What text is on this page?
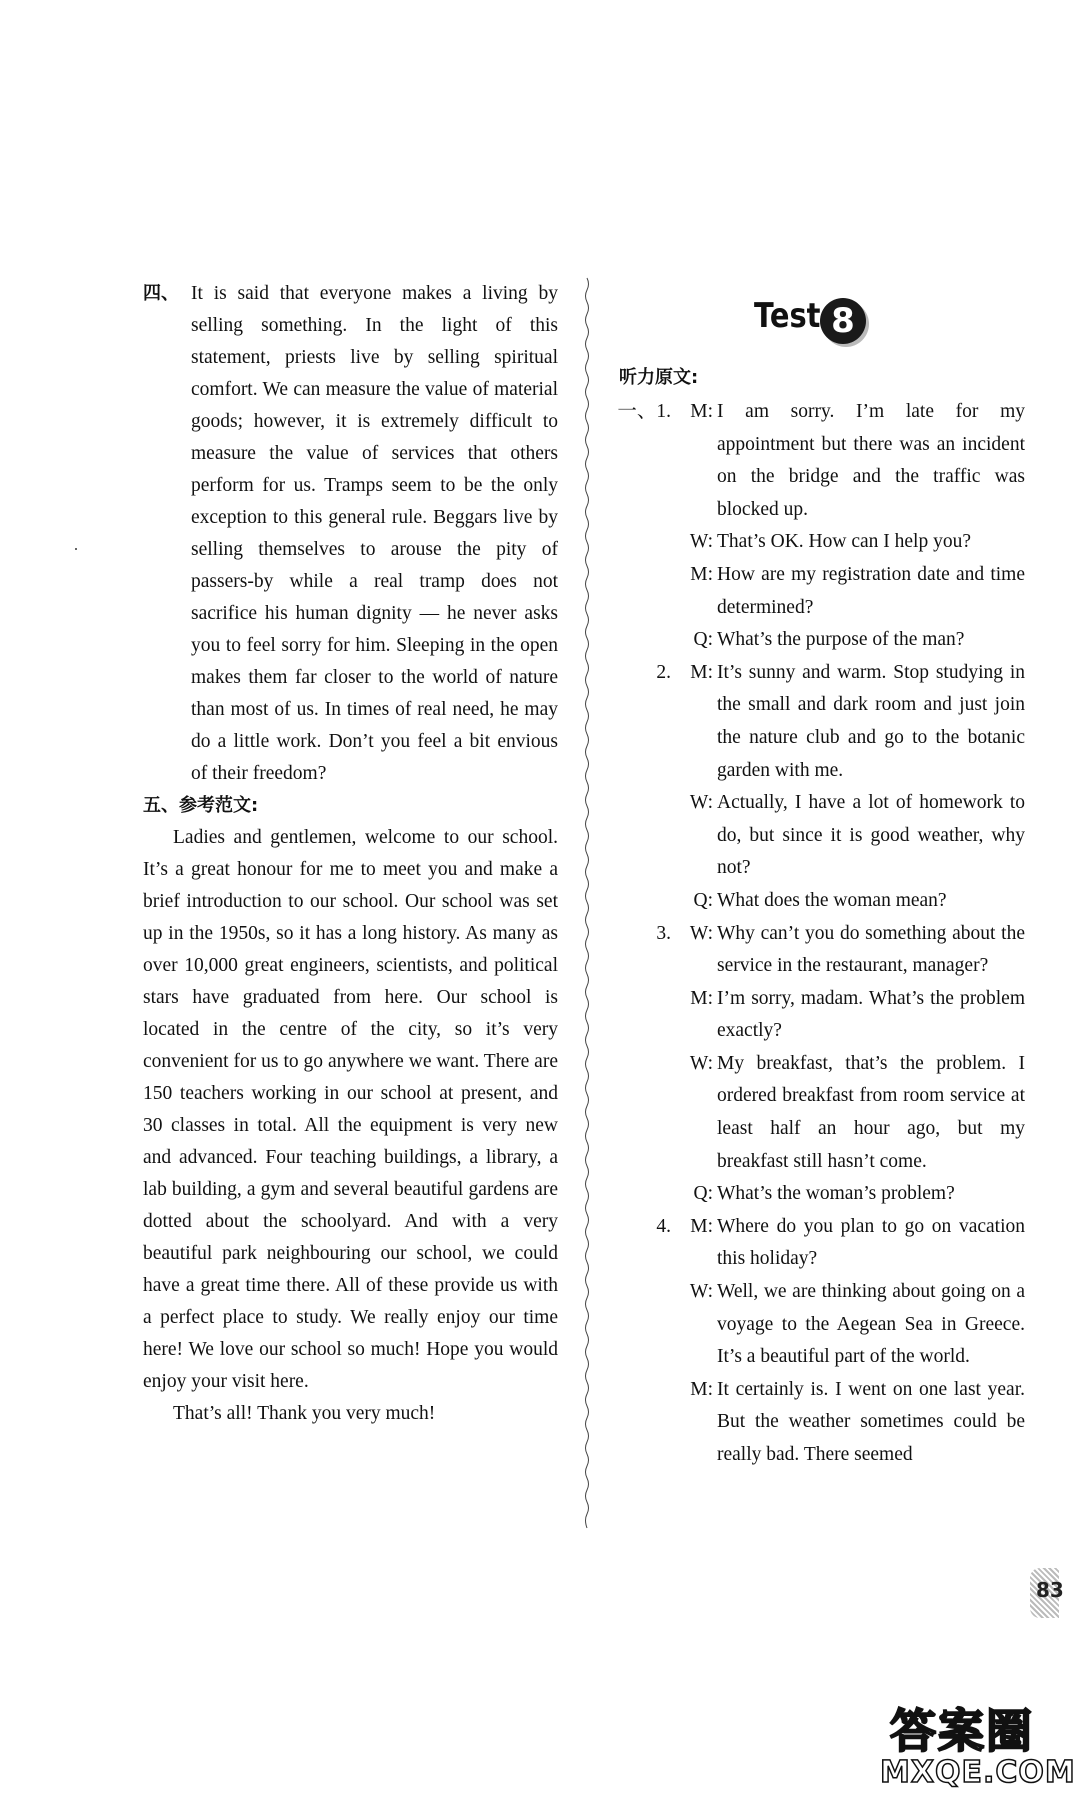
四、 It is said that everyone makes a living by selling something. In the light of this statement, priests live by selling spiritual comfort. We can measure the value of material goods; however, it is extremely difficult to measure the value of services that others perform for us. Tramps seem to be the only exception to this general rule. Beggars live by selling themselves to arouse the pity of passers-by while a real tramp does not sacrifice his human dignity — he never asks you to feel sorry for him. Sleeping in the open makes them far closer to the world of nature than most of us. In times of real need, he may do a little work. Don’t you feel a bit envious of their freedom?
五、参考范文:

Ladies and gentlemen, welcome to our school. It’s a great honour for me to meet you and make a brief introduction to our school. Our school was set up in the 1950s, so it has a long history. As many as over 10,000 great engineers, scientists, and political stars have graduated from here. Our school is located in the centre of the city, so it’s very convenient for us to go anywhere we want. There are 150 teachers working in our school at present, and 30 classes in total. All the equipment is very new and advanced. Four teaching buildings, a library, a lab building, a gym and several beautiful gardens are dotted about the schoolyard. And with a very beautiful park neighbouring our school, we could have a great time there. All of these provide us with a perfect place to study. We really enjoy our time here! We love our school so much! Hope you would enjoy your visit here.

That’s all! Thank you very much!

Test 8
听力原文:
一、1. M: I am sorry. I’m late for my appointment but there was an incident on the bridge and the traffic was blocked up.
W: That’s OK. How can I help you?
M: How are my registration date and time determined?
Q: What’s the purpose of the man?
2. M: It’s sunny and warm. Stop studying in the small and dark room and just join the nature club and go to the botanic garden with me.
W: Actually, I have a lot of homework to do, but since it is good weather, why not?
Q: What does the woman mean?
3. W: Why can’t you do something about the service in the restaurant, manager?
M: I’m sorry, madam. What’s the problem exactly?
W: My breakfast, that’s the problem. I ordered breakfast from room service at least half an hour ago, but my breakfast still hasn’t come.
Q: What’s the woman’s problem?
4. M: Where do you plan to go on vacation this holiday?
W: Well, we are thinking about going on a voyage to the Aegean Sea in Greece. It’s a beautiful part of the world.
M: It certainly is. I went on one last year. But the weather sometimes could be really bad. There seemed
83
答案圈
MXQE.COM
